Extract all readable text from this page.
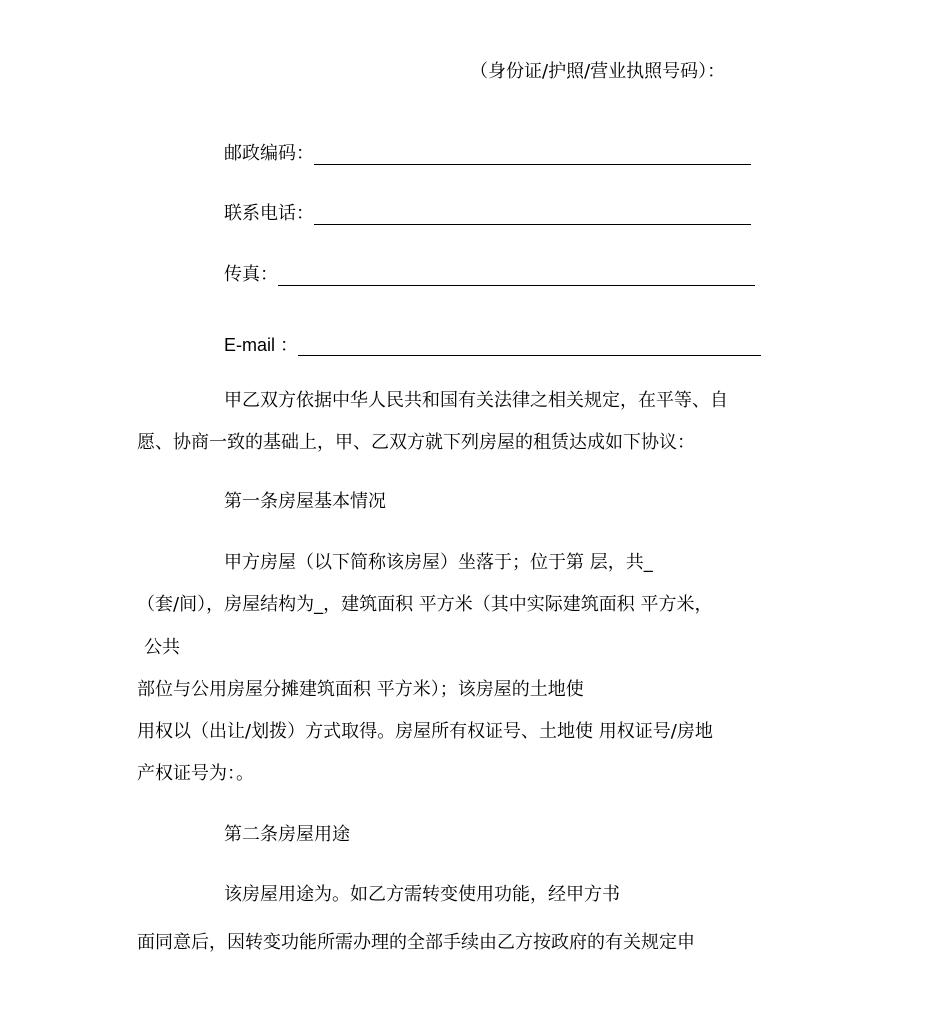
（身份证/护照/营业执照号码）：
邮政编码：
联系电话：
传真：
E-mail ：
甲乙双方依据中华人民共和国有关法律之相关规定，在平等、自
愿、协商一致的基础上，甲、乙双方就下列房屋的租赁达成如下协议：
第一条房屋基本情况
甲方房屋（以下简称该房屋）坐落于；位于第 层，共_
（套/间），房屋结构为_，建筑面积 平方米（其中实际建筑面积 平方米，
公共
部位与公用房屋分摊建筑面积 平方米）；该房屋的土地使
用权以（出让/划拨）方式取得。房屋所有权证号、土地使 用权证号/房地
产权证号为：。
第二条房屋用途
该房屋用途为。如乙方需转变使用功能，经甲方书
面同意后，因转变功能所需办理的全部手续由乙方按政府的有关规定申
